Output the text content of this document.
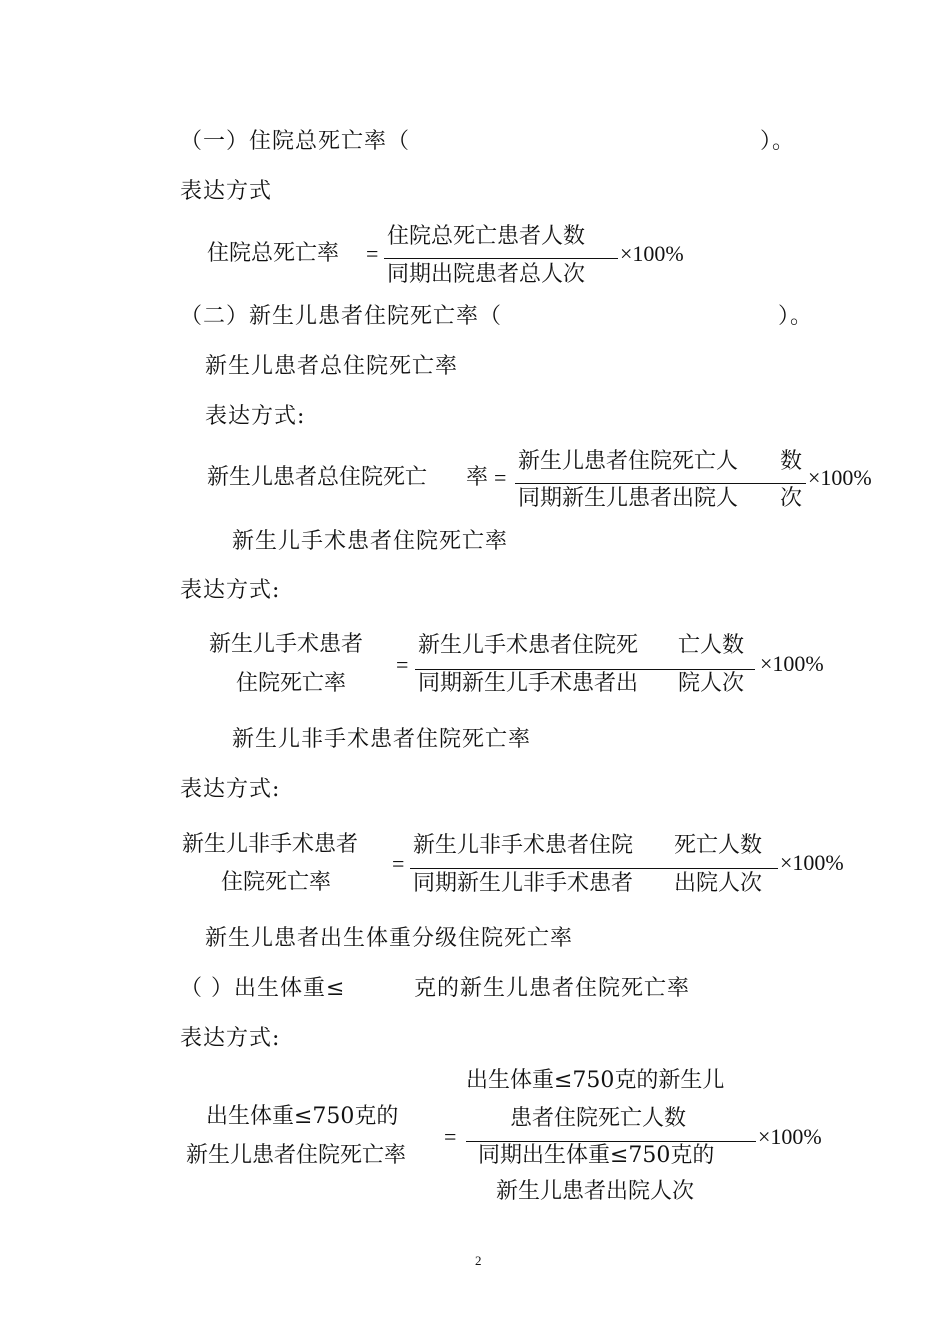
（一）住院总死亡率（	）。
表达方式
住院总死亡率 =
住院总死亡患者人数
同期出院患者总人次
×100%
（二）新生儿患者住院死亡率（	）。
新生儿患者总住院死亡率
表达方式:
新生儿患者总住院死亡 率 =
新生儿患者住院死亡人 数
同期新生儿患者出院人 次
×100%
新生儿手术患者住院死亡率
表达方式:
新生儿手术患者
住院死亡率
=
新生儿手术患者住院死 亡人数
同期新生儿手术患者出 院人次
×100%
新生儿非手术患者住院死亡率
表达方式:
新生儿非手术患者
住院死亡率
=
新生儿非手术患者住院 死亡人数
同期新生儿非手术患者 出院人次
×100%
新生儿患者出生体重分级住院死亡率
（ ）出生体重≤	克的新生儿患者住院死亡率
表达方式:
出生体重≤750克的
新生儿患者住院死亡率
=
出生体重≤750克的新生儿
患者住院死亡人数
同期出生体重≤750克的
新生儿患者出院人次
×100%
2
